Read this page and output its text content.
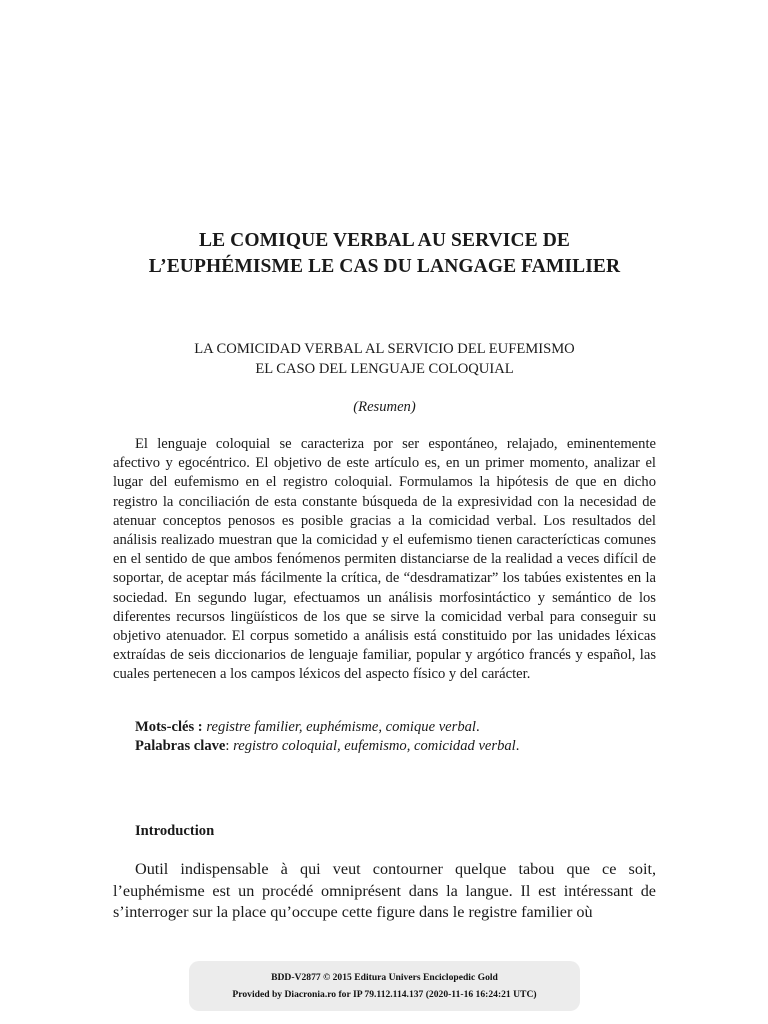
LE COMIQUE VERBAL AU SERVICE DE
L’EUPHÉMISME LE CAS DU LANGAGE FAMILIER
LA COMICIDAD VERBAL AL SERVICIO DEL EUFEMISMO
EL CASO DEL LENGUAJE COLOQUIAL

(Resumen)

El lenguaje coloquial se caracteriza por ser espontáneo, relajado, eminentemente afectivo y egocéntrico. El objetivo de este artículo es, en un primer momento, analizar el lugar del eufemismo en el registro coloquial. Formulamos la hipótesis de que en dicho registro la conciliación de esta constante búsqueda de la expresividad con la necesidad de atenuar conceptos penosos es posible gracias a la comicidad verbal. Los resultados del análisis realizado muestran que la comicidad y el eufemismo tienen caracterícticas comunes en el sentido de que ambos fenómenos permiten distanciarse de la realidad a veces difícil de soportar, de aceptar más fácilmente la crítica, de “desdramatizar” los tabúes existentes en la sociedad. En segundo lugar, efectuamos un análisis morfosintáctico y semántico de los diferentes recursos lingüísticos de los que se sirve la comicidad verbal para conseguir su objetivo atenuador. El corpus sometido a análisis está constituido por las unidades léxicas extraídas de seis diccionarios de lenguaje familiar, popular y argótico francés y español, las cuales pertenecen a los campos léxicos del aspecto físico y del carácter.

Mots-clés : registre familier, euphémisme, comique verbal.
Palabras clave: registro coloquial, eufemismo, comicidad verbal.
Introduction

Outil indispensable à qui veut contourner quelque tabou que ce soit, l’euphémisme est un procédé omniprésent dans la langue. Il est intéressant de s’interroger sur la place qu’occupe cette figure dans le registre familier où

BDD-V2877 © 2015 Editura Univers Enciclopedic Gold
Provided by Diacronia.ro for IP 79.112.114.137 (2020-11-16 16:24:21 UTC)
